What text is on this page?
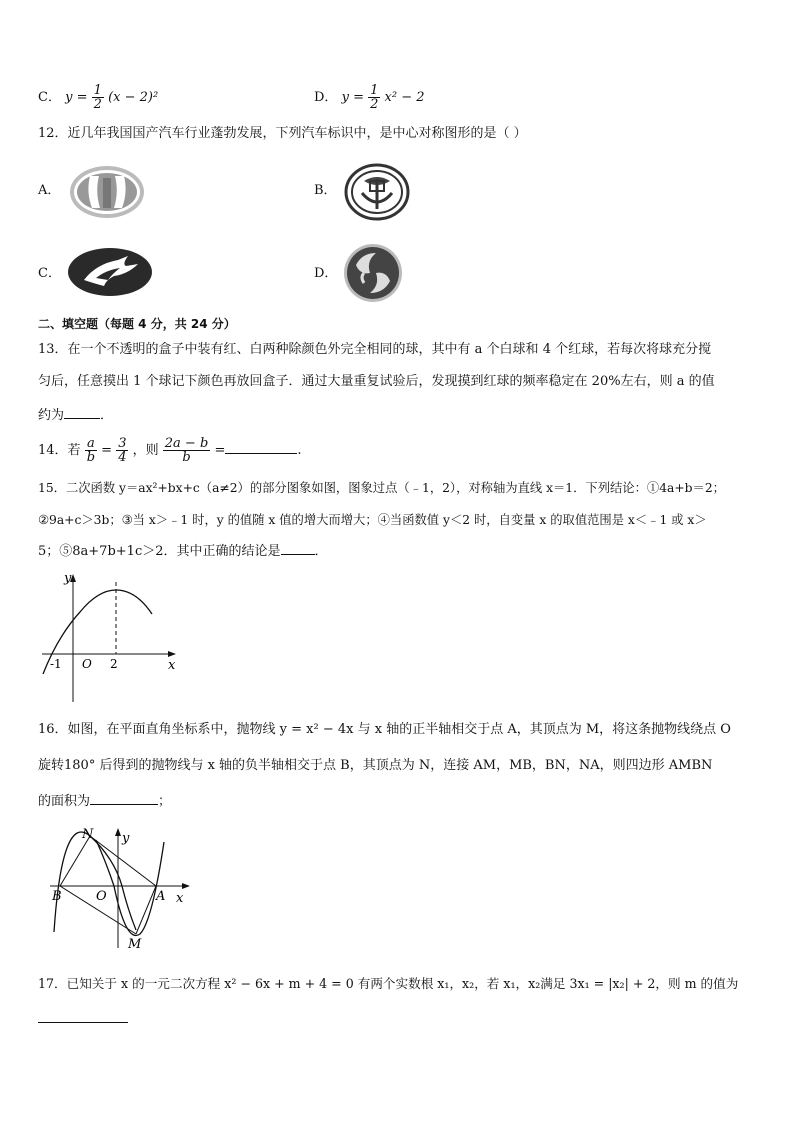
C． $y = \frac{1}{2} (x - 2)^2$	D． $y = \frac{1}{2} x^2 - 2$
12．近几年我国国产汽车行业蓬勃发展，下列汽车标识中，是中心对称图形的是（ ）
A．	B．
C．	D．
二、填空题（每题 4 分，共 24 分）
13．在一个不透明的盒子中装有红、白两种除颜色外完全相同的球，其中有 a 个白球和 4 个红球，若每次将球充分搅
匀后，任意摸出 1 个球记下颜色再放回盒子．通过大量重复试验后，发现摸到红球的频率稳定在 20%左右，则 a 的值
约为	．
14．若 $\frac{a}{b} = \frac{3}{4}$ ，则 $\frac{2a - b}{b}$ =	.
15．二次函数 y＝ax²+bx+c（a≠2）的部分图象如图，图象过点（﹣1，2），对称轴为直线 x＝1．下列结论：①4a+b＝2；
②9a+c＞3b；③当 x＞﹣1 时，y 的值随 x 值的增大而增大；④当函数值 y＜2 时，自变量 x 的取值范围是 x＜﹣1 或 x＞
5；⑤8a+7b+1c＞2．其中正确的结论是	．
y
x
-1 O 2
16．如图，在平面直角坐标系中，抛物线 y = x² − 4x 与 x 轴的正半轴相交于点 A，其顶点为 M，将这条抛物线绕点 O
旋转180° 后得到的抛物线与 x 轴的负半轴相交于点 B，其顶点为 N，连接 AM，MB，BN，NA，则四边形 AMBN
的面积为	；
N y
B	O	A x
M
17．已知关于 x 的一元二次方程 x² − 6x + m + 4 = 0 有两个实数根 x₁，x₂，若 x₁，x₂满足 3x₁ = |x₂| + 2，则 m 的值为
